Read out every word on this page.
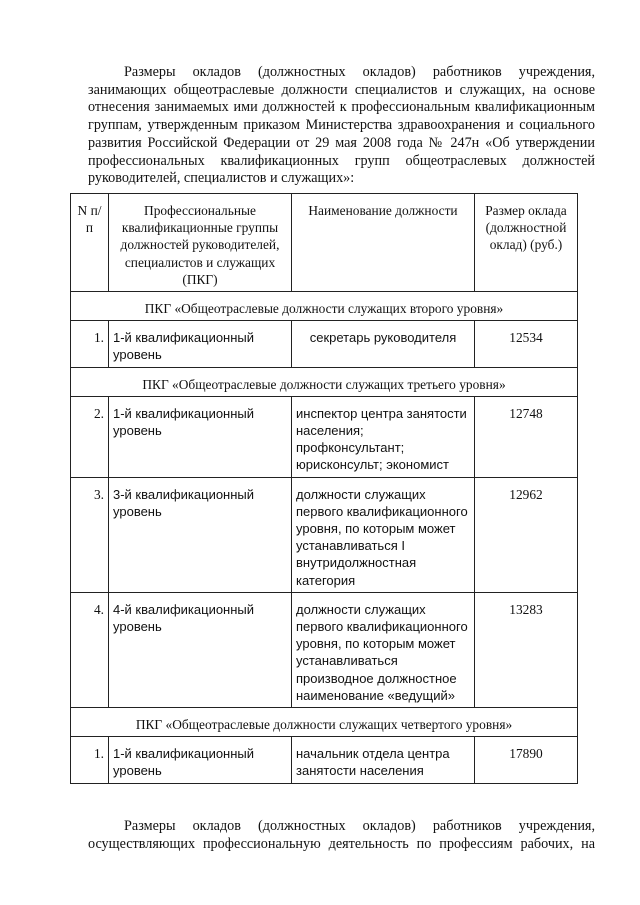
Размеры окладов (должностных окладов) работников учреждения, занимающих общеотраслевые должности специалистов и служащих, на основе отнесения занимаемых ими должностей к профессиональным квалификационным группам, утвержденным приказом Министерства здравоохранения и социального развития Российской Федерации от 29 мая 2008 года № 247н «Об утверждении профессиональных квалификационных групп общеотраслевых должностей руководителей, специалистов и служащих»:

N п/п	Профессиональные квалификационные группы должностей руководителей, специалистов и служащих (ПКГ)	Наименование должности	Размер оклада (должностной оклад) (руб.)
ПКГ «Общеотраслевые должности служащих второго уровня»			
1.	1-й квалификационный уровень	секретарь руководителя	12534
ПКГ «Общеотраслевые должности служащих третьего уровня»			
2.	1-й квалификационный уровень	инспектор центра занятости населения; профконсультант; юрисконсульт; экономист	12748
3.	3-й квалификационный уровень	должности служащих первого квалификационного уровня, по которым может устанавливаться I внутридолжностная категория	12962
4.	4-й квалификационный уровень	должности служащих первого квалификационного уровня, по которым может устанавливаться производное должностное наименование «ведущий»	13283
ПКГ «Общеотраслевые должности служащих четвертого уровня»			
1.	1-й квалификационный уровень	начальник отдела центра занятости населения	17890

Размеры окладов (должностных окладов) работников учреждения, осуществляющих профессиональную деятельность по профессиям рабочих, на
